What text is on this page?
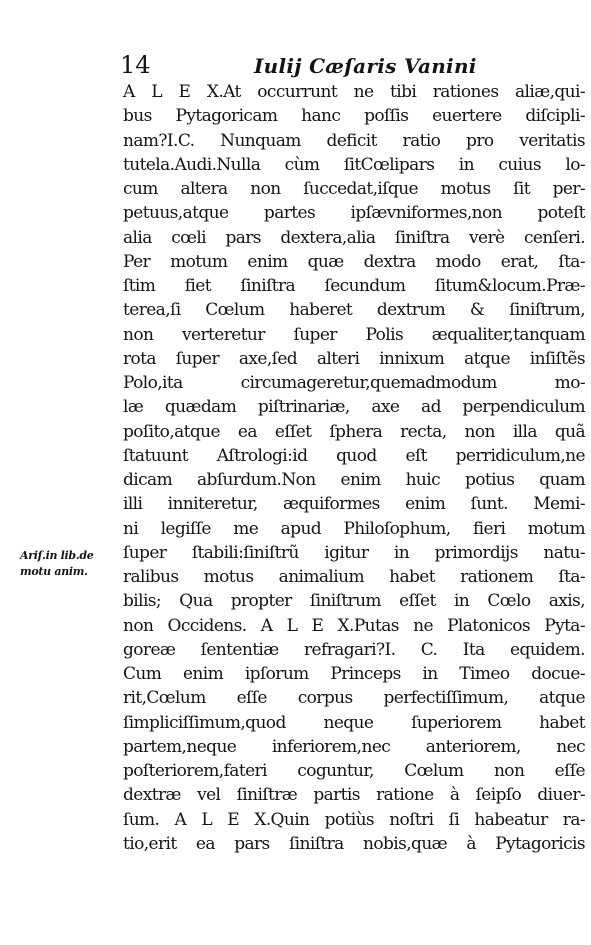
14	Iulij Cæſaris Vanini
Ariſ.in lib.de
motu anim.
A L E X.At occurrunt ne tibi rationes aliæ,qui-
bus Pytagoricam hanc poſſis euertere diſcipli-
nam?I.C. Nunquam deficit ratio pro veritatis
tutela.Audi.Nulla cùm ſitCœlipars in cuius lo-
cum altera non ſuccedat,iſque motus ſit per-
petuus,atque partes ipſævniformes,non poteſt
alia cœli pars dextera,alia ſiniſtra verè cenſeri.
Per motum enim quæ dextra modo erat, ſta-
ſtim fiet ſiniſtra ſecundum ſitum&locum.Præ-
terea,ſi Cœlum haberet dextrum & ſiniſtrum,
non verteretur ſuper Polis æqualiter,tanquam
rota ſuper axe,ſed alteri innixum atque inſiſtẽs
Polo,ita circumageretur,quemadmodum mo-
læ quædam piſtrinariæ, axe ad perpendiculum
poſito,atque ea eſſet ſphera recta, non illa quã
ſtatuunt Aſtrologi:id quod eſt perridiculum,ne
dicam abſurdum.Non enim huic potius quam
illi inniteretur, æquiformes enim ſunt. Memi-
ni legiſſe me apud Philoſophum, fieri motum
ſuper ſtabili:ſiniſtrũ igitur in primordijs natu-
ralibus motus animalium habet rationem ſta-
bilis; Qua propter ſiniſtrum eſſet in Cœlo axis,
non Occidens. A L E X.Putas ne Platonicos Pyta-
goreæ ſententiæ refragari?I. C. Ita equidem.
Cum enim ipſorum Princeps in Timeo docue-
rit,Cœlum eſſe corpus perfectiſſimum, atque
ſimpliciſſimum,quod neque ſuperiorem habet
partem,neque inferiorem,nec anteriorem, nec
poſteriorem,fateri coguntur, Cœlum non eſſe
dextræ vel ſiniſtræ partis ratione à ſeipſo diuer-
ſum. A L E X.Quin potiùs noſtri ſi habeatur ra-
tio,erit ea pars ſiniſtra nobis,quæ à Pytagoricis
